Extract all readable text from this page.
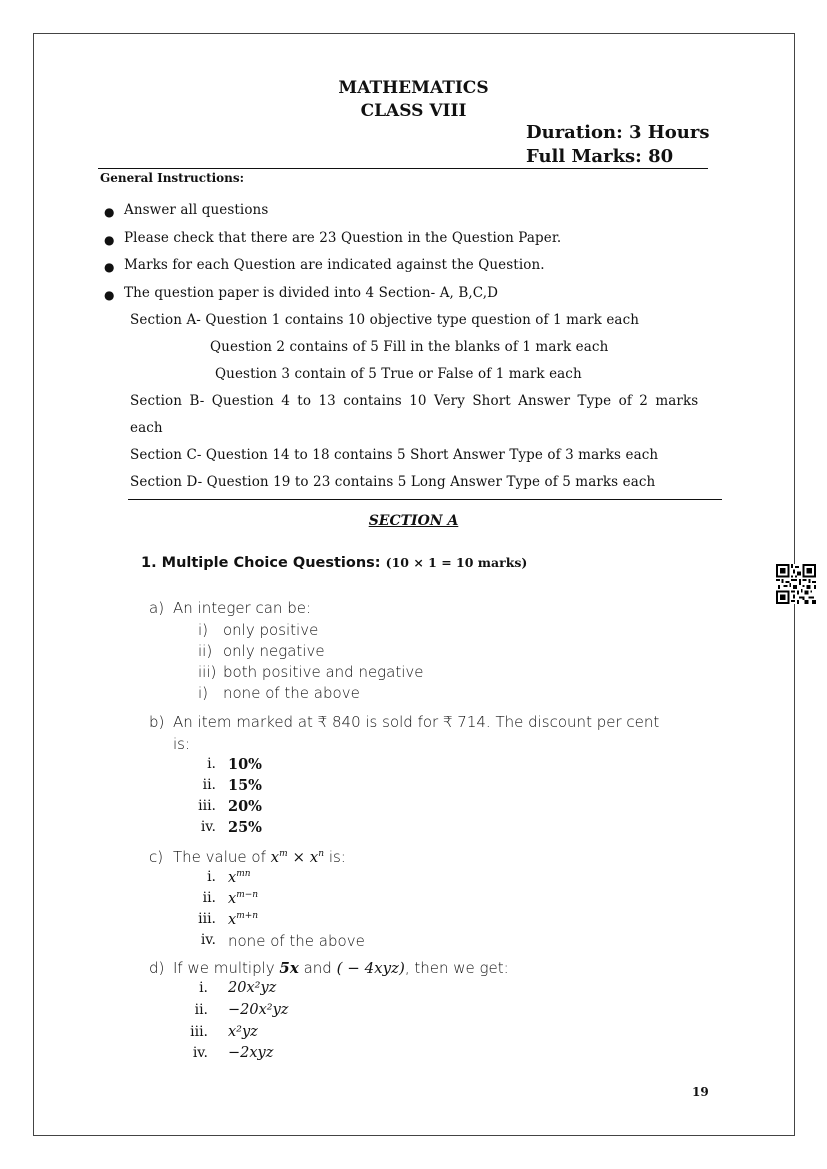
MATHEMATICS
CLASS VIII
Duration: 3 Hours
Full Marks: 80
General Instructions:
● Answer all questions
● Please check that there are 23 Question in the Question Paper.
● Marks for each Question are indicated against the Question.
● The question paper is divided into 4 Section- A, B,C,D
Section A- Question 1 contains 10 objective type question of 1 mark each
Question 2 contains of 5 Fill in the blanks of 1 mark each
Question 3 contain of 5 True or False of 1 mark each
Section B- Question 4 to 13 contains 10 Very Short Answer Type of 2 marks
each
Section C- Question 14 to 18 contains 5 Short Answer Type of 3 marks each
Section D- Question 19 to 23 contains 5 Long Answer Type of 5 marks each
SECTION A
1. Multiple Choice Questions: (10 × 1 = 10 marks)
a) An integer can be:
i) only positive
ii) only negative
iii) both positive and negative
i) none of the above
b) An item marked at ₹ 840 is sold for ₹ 714. The discount per cent
is:
i. 10%
ii. 15%
iii. 20%
iv. 25%
c) The value of $x^m \times x^n$ is:
i. $x^{mn}$
ii. $x^{m-n}$
iii. $x^{m+n}$
iv. none of the above
d) If we multiply 5x and ( − 4xyz), then we get:
i. 20x²yz
ii. −20x²yz
iii. x²yz
iv. −2xyz
19
